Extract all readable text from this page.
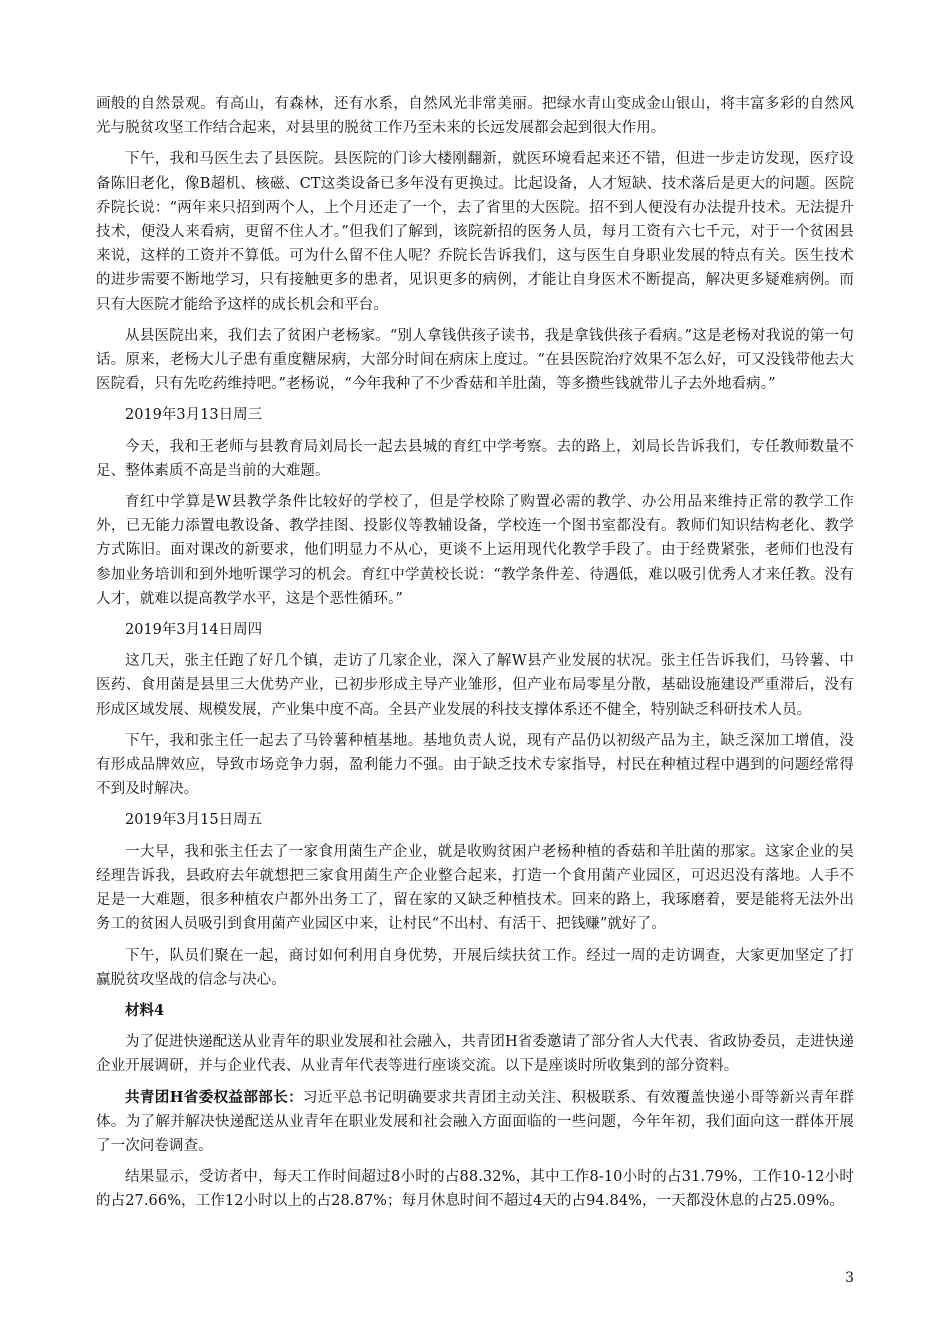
画般的自然景观。有高山，有森林，还有水系，自然风光非常美丽。把绿水青山变成金山银山，将丰富多彩的自然风光与脱贫攻坚工作结合起来，对县里的脱贫工作乃至未来的长远发展都会起到很大作用。

下午，我和马医生去了县医院。县医院的门诊大楼刚翻新，就医环境看起来还不错，但进一步走访发现，医疗设备陈旧老化，像B超机、核磁、CT这类设备已多年没有更换过。比起设备，人才短缺、技术落后是更大的问题。医院乔院长说：“两年来只招到两个人，上个月还走了一个，去了省里的大医院。招不到人便没有办法提升技术。无法提升技术，便没人来看病，更留不住人才。”但我们了解到，该院新招的医务人员，每月工资有六七千元，对于一个贫困县来说，这样的工资并不算低。可为什么留不住人呢？乔院长告诉我们，这与医生自身职业发展的特点有关。医生技术的进步需要不断地学习，只有接触更多的患者，见识更多的病例，才能让自身医术不断提高，解决更多疑难病例。而只有大医院才能给予这样的成长机会和平台。

从县医院出来，我们去了贫困户老杨家。“别人拿钱供孩子读书，我是拿钱供孩子看病。”这是老杨对我说的第一句话。原来，老杨大儿子患有重度糖尿病，大部分时间在病床上度过。“在县医院治疗效果不怎么好，可又没钱带他去大医院看，只有先吃药维持吧。”老杨说，“今年我种了不少香菇和羊肚菌，等多攒些钱就带儿子去外地看病。”

2019年3月13日周三

今天，我和王老师与县教育局刘局长一起去县城的育红中学考察。去的路上，刘局长告诉我们，专任教师数量不足、整体素质不高是当前的大难题。

育红中学算是W县教学条件比较好的学校了，但是学校除了购置必需的教学、办公用品来维持正常的教学工作外，已无能力添置电教设备、教学挂图、投影仪等教辅设备，学校连一个图书室都没有。教师们知识结构老化、教学方式陈旧。面对课改的新要求，他们明显力不从心，更谈不上运用现代化教学手段了。由于经费紧张，老师们也没有参加业务培训和到外地听课学习的机会。育红中学黄校长说：“教学条件差、待遇低，难以吸引优秀人才来任教。没有人才，就难以提高教学水平，这是个恶性循环。”

2019年3月14日周四

这几天，张主任跑了好几个镇，走访了几家企业，深入了解W县产业发展的状况。张主任告诉我们，马铃薯、中医药、食用菌是县里三大优势产业，已初步形成主导产业雏形，但产业布局零星分散，基础设施建设严重滞后，没有形成区域发展、规模发展，产业集中度不高。全县产业发展的科技支撑体系还不健全，特别缺乏科研技术人员。

下午，我和张主任一起去了马铃薯种植基地。基地负责人说，现有产品仍以初级产品为主，缺乏深加工增值，没有形成品牌效应，导致市场竞争力弱，盈利能力不强。由于缺乏技术专家指导，村民在种植过程中遇到的问题经常得不到及时解决。

2019年3月15日周五

一大早，我和张主任去了一家食用菌生产企业，就是收购贫困户老杨种植的香菇和羊肚菌的那家。这家企业的吴经理告诉我，县政府去年就想把三家食用菌生产企业整合起来，打造一个食用菌产业园区，可迟迟没有落地。人手不足是一大难题，很多种植农户都外出务工了，留在家的又缺乏种植技术。回来的路上，我琢磨着，要是能将无法外出务工的贫困人员吸引到食用菌产业园区中来，让村民“不出村、有活干、把钱赚”就好了。

下午，队员们聚在一起，商讨如何利用自身优势，开展后续扶贫工作。经过一周的走访调查，大家更加坚定了打赢脱贫攻坚战的信念与决心。

材料4

为了促进快递配送从业青年的职业发展和社会融入，共青团H省委邀请了部分省人大代表、省政协委员，走进快递企业开展调研，并与企业代表、从业青年代表等进行座谈交流。以下是座谈时所收集到的部分资料。

共青团H省委权益部部长：习近平总书记明确要求共青团主动关注、积极联系、有效覆盖快递小哥等新兴青年群体。为了解并解决快递配送从业青年在职业发展和社会融入方面面临的一些问题，今年年初，我们面向这一群体开展了一次问卷调查。

结果显示，受访者中，每天工作时间超过8小时的占88.32%，其中工作8-10小时的占31.79%，工作10-12小时的占27.66%，工作12小时以上的占28.87%；每月休息时间不超过4天的占94.84%，一天都没休息的占25.09%。

3
